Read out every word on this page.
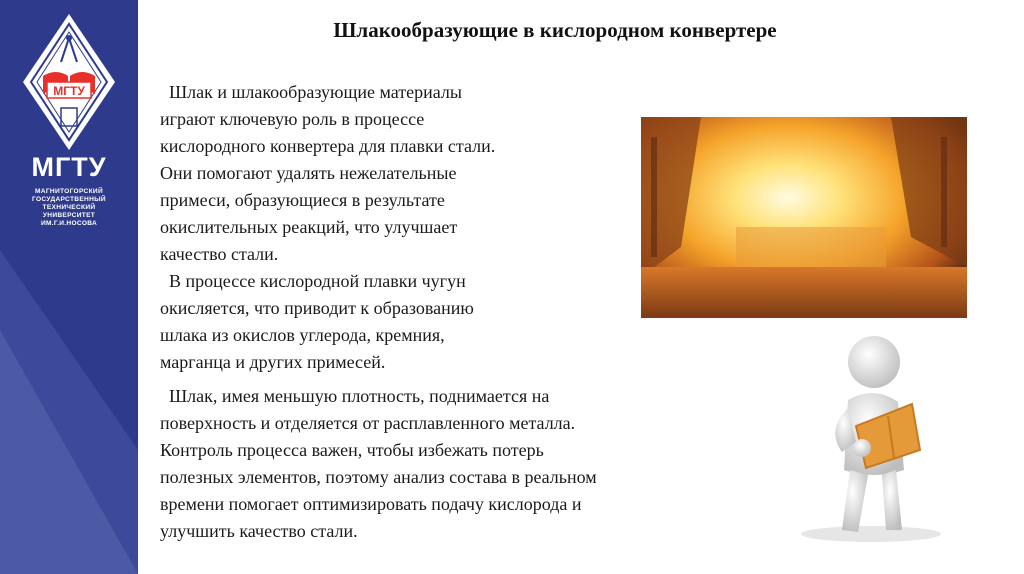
МГТУ
МГТУ
МАГНИТОГОРСКИЙ
ГОСУДАРСТВЕННЫЙ
ТЕХНИЧЕСКИЙ
УНИВЕРСИТЕТ
ИМ.Г.И.НОСОВА
Шлакообразующие в кислородном конвертере
Шлак и шлакообразующие материалы
играют ключевую роль в процессе
кислородного конвертера для плавки стали.
Они помогают удалять нежелательные
примеси, образующиеся в результате
окислительных реакций, что улучшает
качество стали.
В процессе кислородной плавки чугун
окисляется, что приводит к образованию
шлака из окислов углерода, кремния,
марганца и других примесей.
Шлак, имея меньшую плотность, поднимается на
поверхность и отделяется от расплавленного металла.
Контроль процесса важен, чтобы избежать потерь
полезных элементов, поэтому анализ состава в реальном
времени помогает оптимизировать подачу кислорода и
улучшить качество стали.
